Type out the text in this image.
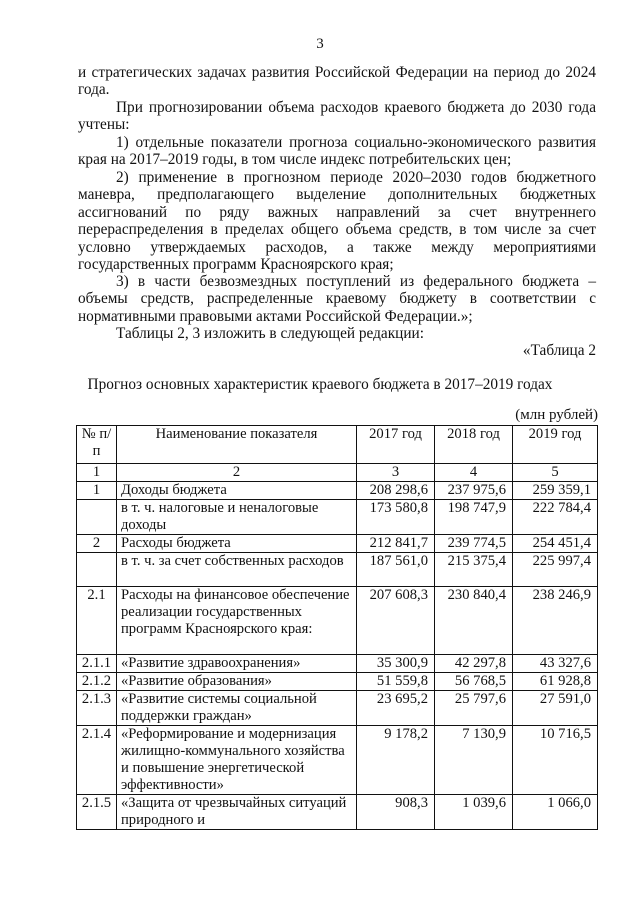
3
и стратегических задачах развития Российской Федерации на период до 2024 года.
При прогнозировании объема расходов краевого бюджета до 2030 года учтены:
1) отдельные показатели прогноза социально-экономического развития края на 2017–2019 годы, в том числе индекс потребительских цен;
2) применение в прогнозном периоде 2020–2030 годов бюджетного маневра, предполагающего выделение дополнительных бюджетных ассигнований по ряду важных направлений за счет внутреннего перераспределения в пределах общего объема средств, в том числе за счет условно утверждаемых расходов, а также между мероприятиями государственных программ Красноярского края;
3) в части безвозмездных поступлений из федерального бюджета – объемы средств, распределенные краевому бюджету в соответствии с нормативными правовыми актами Российской Федерации.»;
Таблицы 2, 3 изложить в следующей редакции:
«Таблица 2
Прогноз основных характеристик краевого бюджета в 2017–2019 годах
(млн рублей)
№ п/п	Наименование показателя	2017 год	2018 год	2019 год
1	2	3	4	5
1	Доходы бюджета	208 298,6	237 975,6	259 359,1
	в т. ч. налоговые и неналоговые доходы	173 580,8	198 747,9	222 784,4
2	Расходы бюджета	212 841,7	239 774,5	254 451,4
	в т. ч. за счет собственных расходов	187 561,0	215 375,4	225 997,4
2.1	Расходы на финансовое обеспечение реализации государственных программ Красноярского края:	207 608,3	230 840,4	238 246,9
2.1.1	«Развитие здравоохранения»	35 300,9	42 297,8	43 327,6
2.1.2	«Развитие образования»	51 559,8	56 768,5	61 928,8
2.1.3	«Развитие системы социальной поддержки граждан»	23 695,2	25 797,6	27 591,0
2.1.4	«Реформирование и модернизация жилищно-коммунального хозяйства и повышение энергетической эффективности»	9 178,2	7 130,9	10 716,5
2.1.5	«Защита от чрезвычайных ситуаций природного и	908,3	1 039,6	1 066,0
